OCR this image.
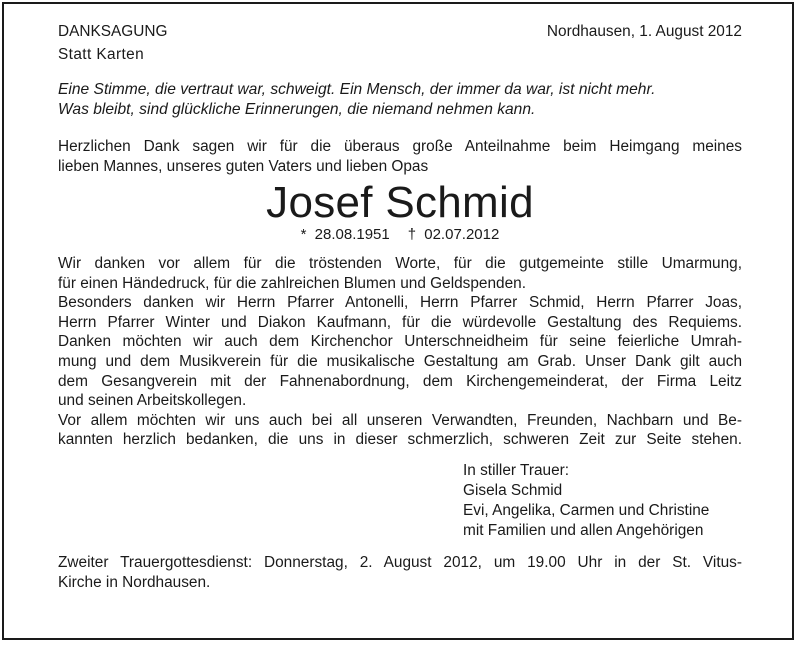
DANKSAGUNG	Nordhausen, 1. August 2012
Statt Karten
Eine Stimme, die vertraut war, schweigt. Ein Mensch, der immer da war, ist nicht mehr.
Was bleibt, sind glückliche Erinnerungen, die niemand nehmen kann.
Herzlichen Dank sagen wir für die überaus große Anteilnahme beim Heimgang meines
lieben Mannes, unseres guten Vaters und lieben Opas
Josef Schmid
* 28.08.1951 † 02.07.2012
Wir danken vor allem für die tröstenden Worte, für die gutgemeinte stille Umarmung,
für einen Händedruck, für die zahlreichen Blumen und Geldspenden.
Besonders danken wir Herrn Pfarrer Antonelli, Herrn Pfarrer Schmid, Herrn Pfarrer Joas,
Herrn Pfarrer Winter und Diakon Kaufmann, für die würdevolle Gestaltung des Requiems.
Danken möchten wir auch dem Kirchenchor Unterschneidheim für seine feierliche Umrah-
mung und dem Musikverein für die musikalische Gestaltung am Grab. Unser Dank gilt auch
dem Gesangverein mit der Fahnenabordnung, dem Kirchengemeinderat, der Firma Leitz
und seinen Arbeitskollegen.
Vor allem möchten wir uns auch bei all unseren Verwandten, Freunden, Nachbarn und Be-
kannten herzlich bedanken, die uns in dieser schmerzlich, schweren Zeit zur Seite stehen.
In stiller Trauer:
Gisela Schmid
Evi, Angelika, Carmen und Christine
mit Familien und allen Angehörigen
Zweiter Trauergottesdienst: Donnerstag, 2. August 2012, um 19.00 Uhr in der St. Vitus-
Kirche in Nordhausen.
